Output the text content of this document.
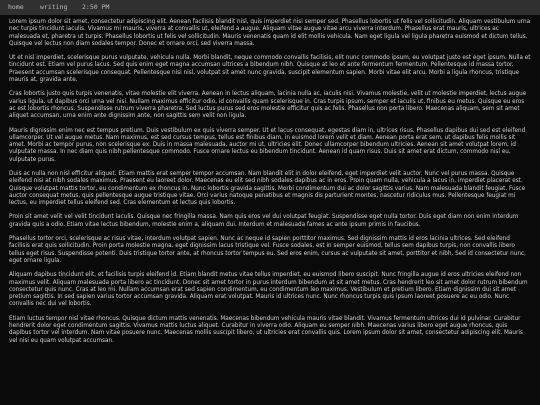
home	writing 2:50 PM

Lorem ipsum dolor sit amet, consectetur adipiscing elit. Aenean facilisis blandit nisl, quis imperdiet nisi semper sed. Phasellus lobortis ut felis vel sollicitudin. Aliquam vestibulum urna nec turpis tincidunt iaculis. Vivamus mi mauris, viverra at convallis ut, eleifend a augue. Aliquam vitae augue vitae arcu viverra interdum. Phasellus erat mauris, ultrices ac malesuada et, pharetra ut turpis. Phasellus lobortis ut felis vel sollicitudin. Mauris venenatis quam id elit mollis vehicula. Nam eget ligula vel ligula pharetra euismod et dictum tellus. Quisque vel lectus non diam sodales tempor. Donec et ornare orci, sed viverra massa.

Ut et nisl imperdiet, scelerisque purus vulputate, vehicula nulla. Morbi blandit, neque commodo convallis facilisis, elit nunc commodo ipsum, eu volutpat justo est eget ipsum. Nulla et tincidunt est. Etiam vel purus lacus. Sed quis enim eget magna accumsan ultrices a bibendum nibh. Quisque at leo et ante fermentum fermentum. Pellentesque id massa tortor. Praesent accumsan scelerisque consequat. Pellentesque nisi nisl, volutpat sit amet nunc gravida, suscipit elementum sapien. Morbi vitae elit arcu. Morbi a ligula rhoncus, tristique mauris at, gravida ante.

Cras lobortis justo quis turpis venenatis, vitae molestie elit viverra. Aenean in lectus aliquam, lacinia nulla ac, iaculis nisi. Vivamus molestie, velit ut molestie imperdiet, lectus augue varius ligula, ut dapibus orci urna vel nisi. Nullam maximus efficitur odio, id convallis quam scelerisque in. Cras turpis ipsum, semper et iaculis ut, finibus eu metus. Quisque eu eros ac est lobortis rhoncus. Suspendisse rutrum viverra pharetra. Sed luctus purus sed eros molestie efficitur quis ac felis. Phasellus non porta libero. Maecenas aliquam, sem sit amet aliquet accumsan, urna enim ante dignissim ante, non sagittis sem velit non ligula.

Mauris dignissim enim nec est tempus pretium. Duis vestibulum ex quis viverra semper. Ut et lacus consequat, egestas diam in, ultrices risus. Phasellus dapibus dui sed est eleifend ullamcorper. Ut vel augue metus. Nam maximus, est sed cursus tempus, tellus est finibus diam, in euismod lorem velit et diam. Aenean porta erat sem, ut dapibus felis mollis sit amet. Morbi ac tempor purus, non scelerisque ex. Duis in massa malesuada, auctor mi ut, ultricies elit. Donec ullamcorper bibendum ultricies. Aenean sit amet volutpat lorem, id vulputate massa. In nec diam quis nibh pellentesque commodo. Fusce ornare lectus eu bibendum tincidunt. Aenean id quam risus. Duis sit amet erat dictum, commodo nisl eu, vulputate purus.

Duis ac nulla non nisl efficitur aliquet. Etiam mattis erat semper tempor accumsan. Nam blandit elit in dolor eleifend, eget imperdiet velit auctor. Nunc vel purus massa. Quisque eleifend nisi at nibh sodales maximus. Praesent eu laoreet dolor. Maecenas eu elit sed nibh sodales dapibus ac in eros. Proin quam nulla, vehicula a lacus in, imperdiet placerat est. Quisque volutpat mattis tortor, eu condimentum ex rhoncus in. Nunc lobortis gravida sagittis. Morbi condimentum dui ac dolor sagittis varius. Nam malesuada blandit feugiat. Fusce auctor consequat metus, quis pellentesque augue tristique vitae. Orci varius natoque penatibus et magnis dis parturient montes, nascetur ridiculus mus. Pellentesque feugiat mi lectus, eu imperdiet tellus eleifend sed. Cras elementum et lectus quis lobortis.

Proin sit amet velit vel velit tincidunt iaculis. Quisque nec fringilla massa. Nam quis eros vel dui volutpat feugiat. Suspendisse eget nulla tortor. Duis eget diam non enim interdum gravida quis a odio. Etiam vitae lectus bibendum, molestie enim a, aliquam dui. Interdum et malesuada fames ac ante ipsum primis in faucibus.

Phasellus tortor orci, scelerisque ac risus vitae, interdum volutpat sapien. Nunc ac neque id sapien porttitor maximus. Sed dignissim mattis id eros lacinia ultrices. Sed eleifend facilisis erat quis sollicitudin. Proin porta molestie magna, eget dignissim lacus tristique vel. Fusce sodales, est in semper euismod, tellus sem dapibus turpis, non convallis libero tellus eget risus. Suspendisse potenti. Duis tristique tortor ante, at rhoncus tortor tempus eu. Sed eros enim, cursus ac vulputate sit amet, porttitor et nibh. Sed id consectetur nunc, eget ornare ligula.

Aliquam dapibus tincidunt elit, et facilisis turpis eleifend id. Etiam blandit metus vitae tellus imperdiet, eu euismod libero suscipit. Nunc fringilla augue id eros ultricies eleifend non maximus velit. Aliquam malesuada porta libero ac tincidunt. Donec sit amet tortor in purus interdum bibendum at sit amet metus. Cras hendrerit leo sit amet dolor rutrum bibendum consectetur quis nunc. Cras at leo mi. Nullam accumsan erat sed sapien condimentum, eu condimentum leo maximus. Vestibulum et pretium libero. Etiam dignissim dui sit amet pretium sagittis. In sed sapien varius tortor accumsan gravida. Aliquam erat volutpat. Mauris id ultrices nunc. Nunc rhoncus turpis quis ipsum laoreet posuere ac eu odio. Nunc convallis nec dui vel lobortis.

Etiam luctus tempor nisl vitae rhoncus. Quisque dictum mattis venenatis. Maecenas bibendum vehicula mauris vitae blandit. Vivamus fermentum ultrices dui id pulvinar. Curabitur hendrerit dolor eget condimentum sagittis. Vivamus mattis luctus aliquet. Curabitur in viverra odio. Aliquam eu semper nibh. Maecenas varius libero eget augue rhoncus, quis dapibus tortor vel interdum. Nam vitae posuere nunc. Maecenas mollis suscipit libero, ut ultricies erat convallis quis. Lorem ipsum dolor sit amet, consectetur adipiscing elit. Mauris vel nisi eu quam volutpat accumsan.
